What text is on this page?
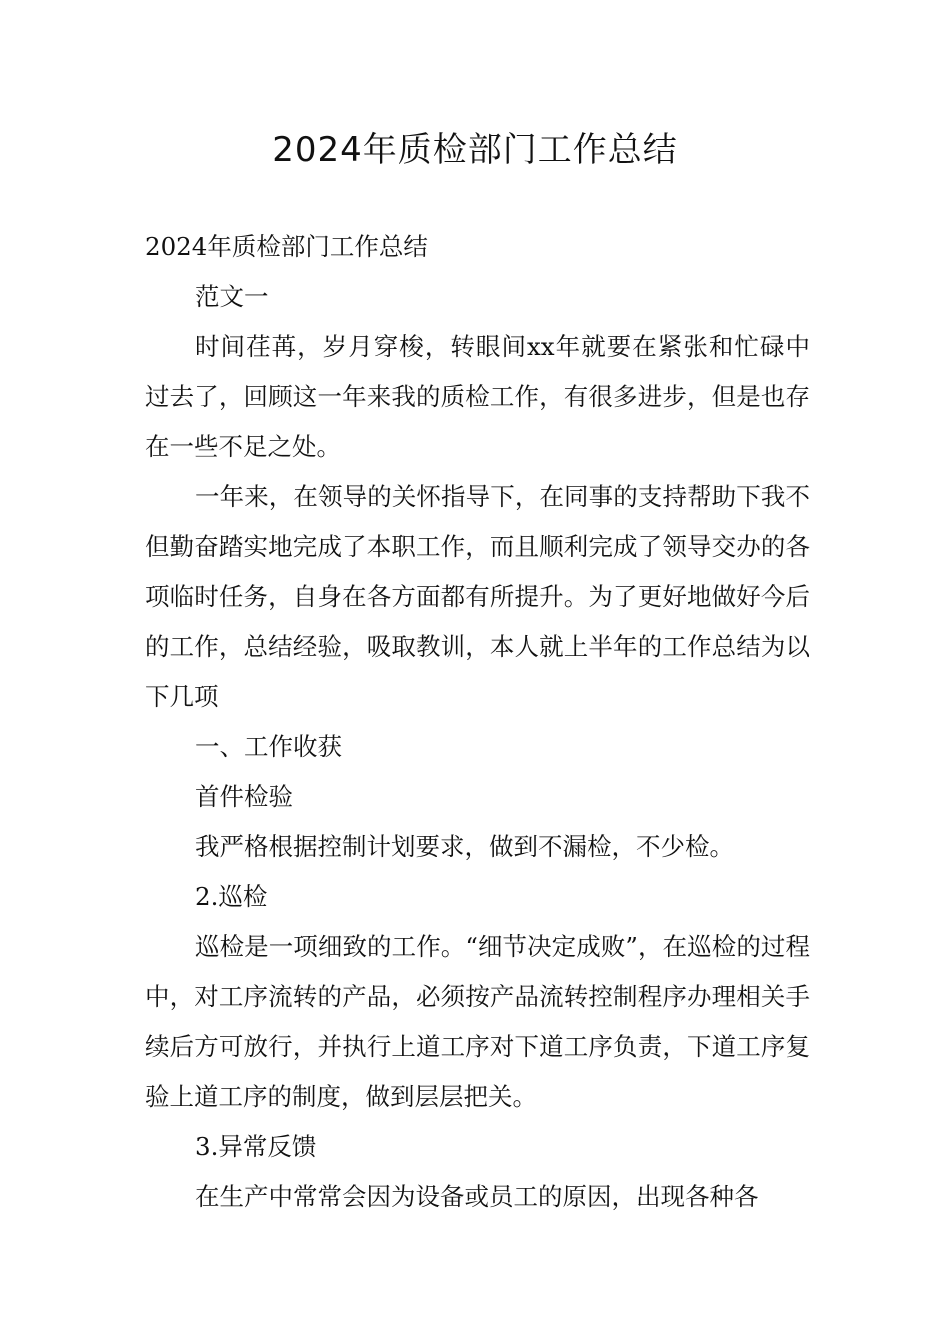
2024年质检部门工作总结

2024年质检部门工作总结

范文一

时间荏苒，岁月穿梭，转眼间xx年就要在紧张和忙碌中过去了，回顾这一年来我的质检工作，有很多进步，但是也存在一些不足之处。

一年来，在领导的关怀指导下，在同事的支持帮助下我不但勤奋踏实地完成了本职工作，而且顺利完成了领导交办的各项临时任务，自身在各方面都有所提升。为了更好地做好今后的工作，总结经验，吸取教训，本人就上半年的工作总结为以下几项

一、工作收获

首件检验

我严格根据控制计划要求，做到不漏检，不少检。

2.巡检

巡检是一项细致的工作。“细节决定成败”，在巡检的过程中，对工序流转的产品，必须按产品流转控制程序办理相关手续后方可放行，并执行上道工序对下道工序负责，下道工序复验上道工序的制度，做到层层把关。

3.异常反馈

在生产中常常会因为设备或员工的原因，出现各种各
